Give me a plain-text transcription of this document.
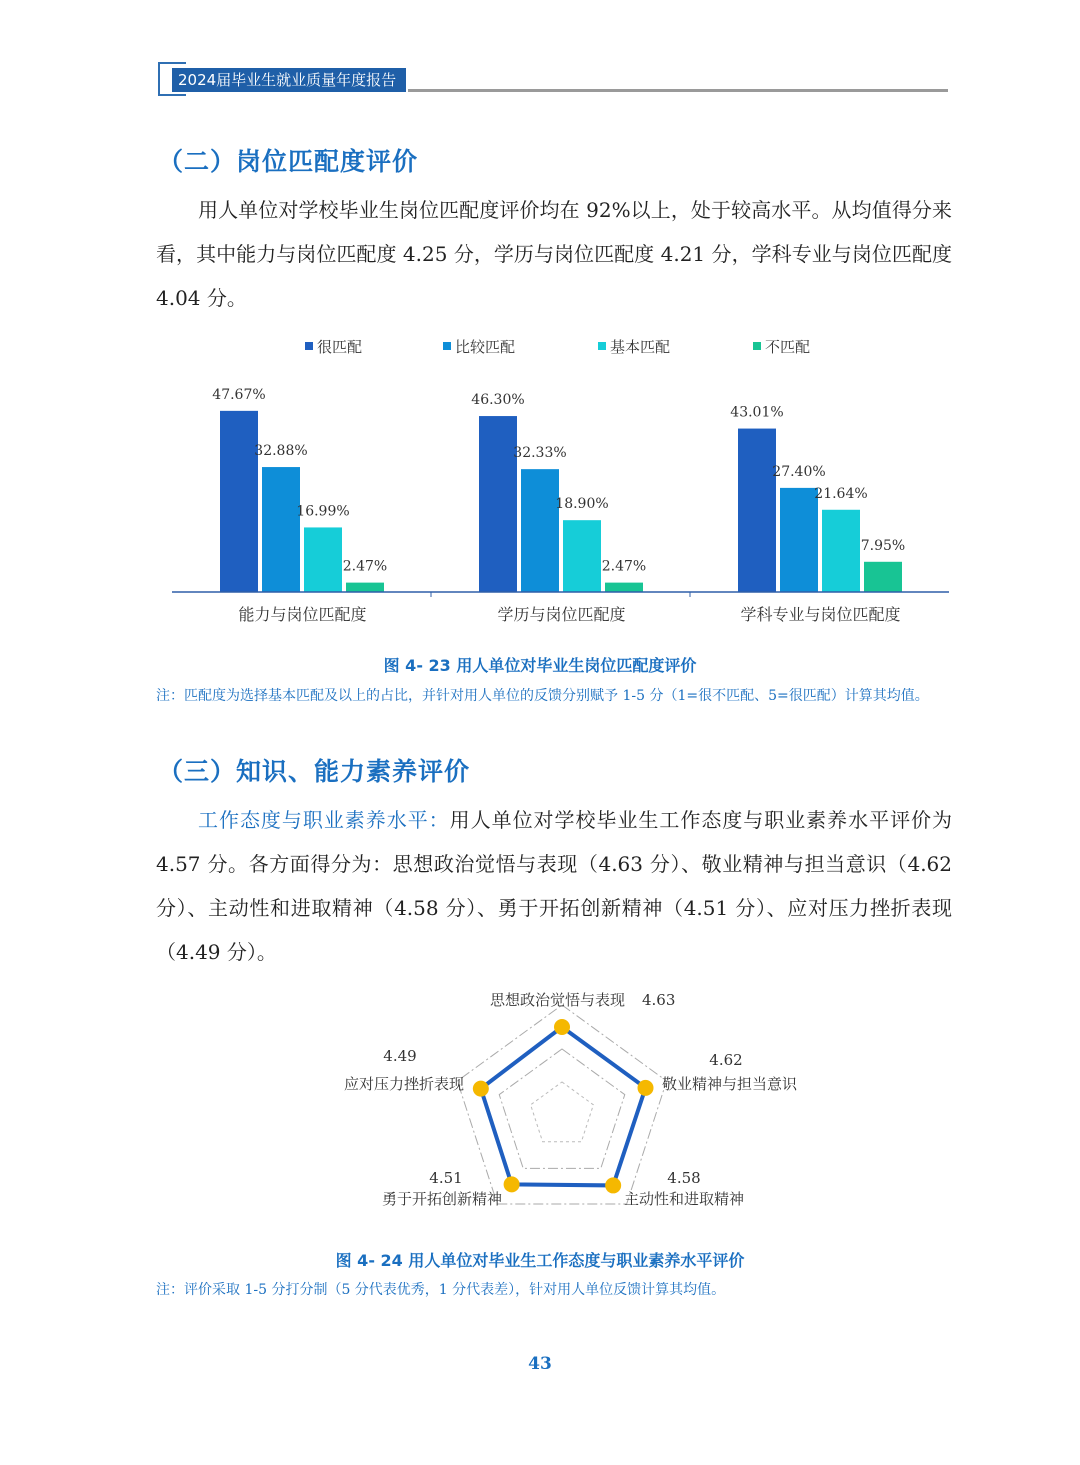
2024届毕业生就业质量年度报告
（二）岗位匹配度评价
用人单位对学校毕业生岗位匹配度评价均在 92%以上，处于较高水平。从均值得分来看，其中能力与岗位匹配度 4.25 分，学历与岗位匹配度 4.21 分，学科专业与岗位匹配度 4.04 分。
很匹配	比较匹配	基本匹配	不匹配
47.67%
32.88%
16.99%
2.47%
46.30%
32.33%
18.90%
2.47%
43.01%
27.40%
21.64%
7.95%
能力与岗位匹配度	学历与岗位匹配度	学科专业与岗位匹配度
图 4- 23 用人单位对毕业生岗位匹配度评价
注：匹配度为选择基本匹配及以上的占比，并针对用人单位的反馈分别赋予 1-5 分（1=很不匹配、5=很匹配）计算其均值。
（三）知识、能力素养评价
工作态度与职业素养水平：用人单位对学校毕业生工作态度与职业素养水平评价为 4.57 分。各方面得分为：思想政治觉悟与表现（4.63 分）、敬业精神与担当意识（4.62 分）、主动性和进取精神（4.58 分）、勇于开拓创新精神（4.51 分）、应对压力挫折表现（4.49 分）。
思想政治觉悟与表现 4.63
敬业精神与担当意识
4.62
主动性和进取精神
4.58
勇于开拓创新精神
4.51
应对压力挫折表现
4.49
图 4- 24 用人单位对毕业生工作态度与职业素养水平评价
注：评价采取 1-5 分打分制（5 分代表优秀，1 分代表差），针对用人单位反馈计算其均值。
43
